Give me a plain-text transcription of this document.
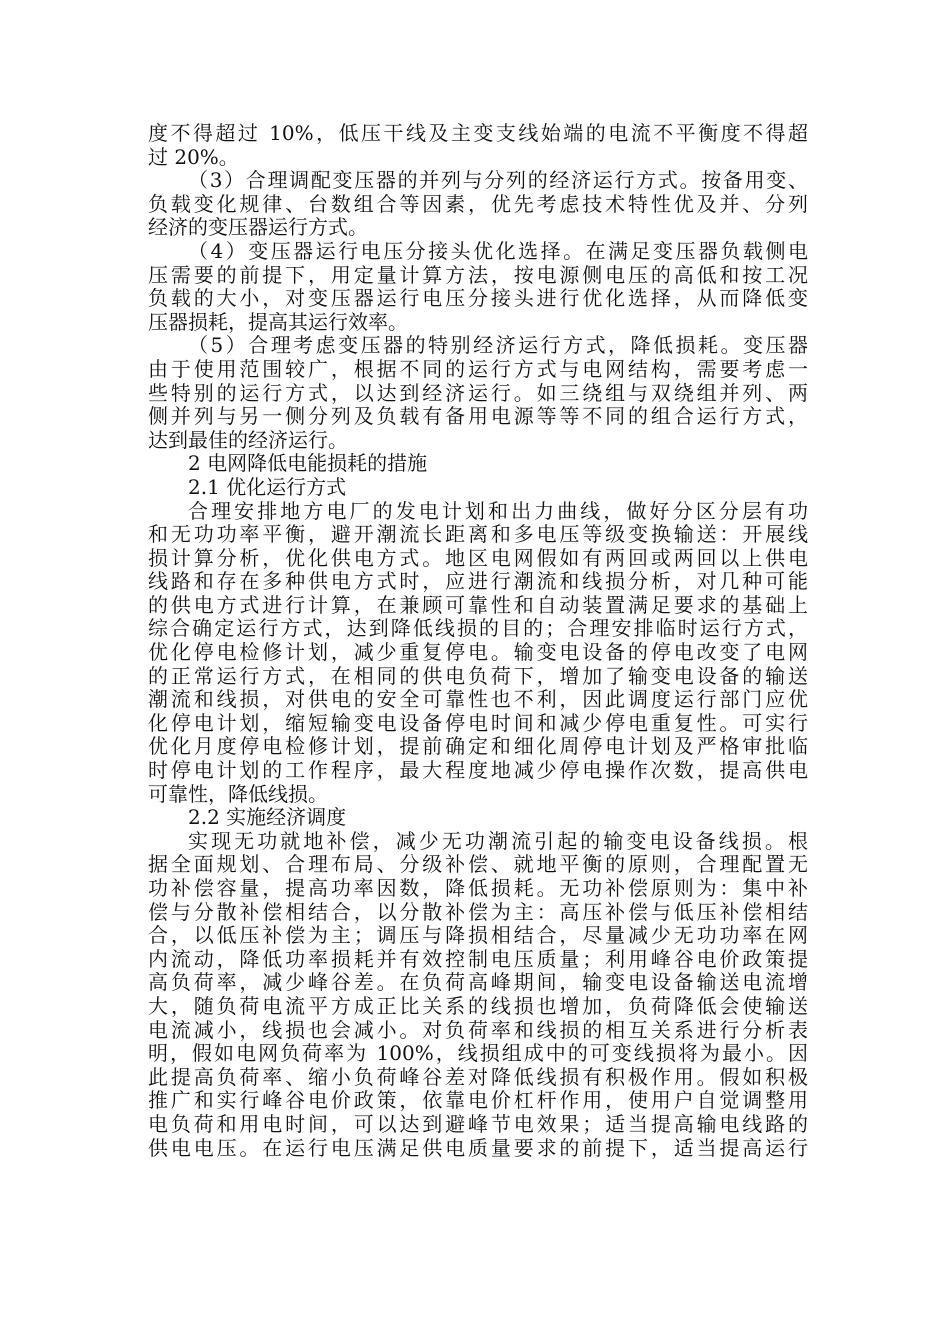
度不得超过 10%，低压干线及主变支线始端的电流不平衡度不得超
过 20%。
（3）合理调配变压器的并列与分列的经济运行方式。按备用变、
负载变化规律、台数组合等因素，优先考虑技术特性优及并、分列
经济的变压器运行方式。
（4）变压器运行电压分接头优化选择。在满足变压器负载侧电
压需要的前提下，用定量计算方法，按电源侧电压的高低和按工况
负载的大小，对变压器运行电压分接头进行优化选择，从而降低变
压器损耗，提高其运行效率。
（5）合理考虑变压器的特别经济运行方式，降低损耗。变压器
由于使用范围较广，根据不同的运行方式与电网结构，需要考虑一
些特别的运行方式，以达到经济运行。如三绕组与双绕组并列、两
侧并列与另一侧分列及负载有备用电源等等不同的组合运行方式，
达到最佳的经济运行。
2 电网降低电能损耗的措施
2.1 优化运行方式
合理安排地方电厂的发电计划和出力曲线，做好分区分层有功
和无功功率平衡，避开潮流长距离和多电压等级变换输送：开展线
损计算分析，优化供电方式。地区电网假如有两回或两回以上供电
线路和存在多种供电方式时，应进行潮流和线损分析，对几种可能
的供电方式进行计算，在兼顾可靠性和自动装置满足要求的基础上
综合确定运行方式，达到降低线损的目的；合理安排临时运行方式，
优化停电检修计划，减少重复停电。输变电设备的停电改变了电网
的正常运行方式，在相同的供电负荷下，增加了输变电设备的输送
潮流和线损，对供电的安全可靠性也不利，因此调度运行部门应优
化停电计划，缩短输变电设备停电时间和减少停电重复性。可实行
优化月度停电检修计划，提前确定和细化周停电计划及严格审批临
时停电计划的工作程序，最大程度地减少停电操作次数，提高供电
可靠性，降低线损。
2.2 实施经济调度
实现无功就地补偿，减少无功潮流引起的输变电设备线损。根
据全面规划、合理布局、分级补偿、就地平衡的原则，合理配置无
功补偿容量，提高功率因数，降低损耗。无功补偿原则为：集中补
偿与分散补偿相结合，以分散补偿为主：高压补偿与低压补偿相结
合，以低压补偿为主；调压与降损相结合，尽量减少无功功率在网
内流动，降低功率损耗并有效控制电压质量；利用峰谷电价政策提
高负荷率，减少峰谷差。在负荷高峰期间，输变电设备输送电流增
大，随负荷电流平方成正比关系的线损也增加，负荷降低会使输送
电流减小，线损也会减小。对负荷率和线损的相互关系进行分析表
明，假如电网负荷率为 100%，线损组成中的可变线损将为最小。因
此提高负荷率、缩小负荷峰谷差对降低线损有积极作用。假如积极
推广和实行峰谷电价政策，依靠电价杠杆作用，使用户自觉调整用
电负荷和用电时间，可以达到避峰节电效果；适当提高输电线路的
供电电压。在运行电压满足供电质量要求的前提下，适当提高运行
